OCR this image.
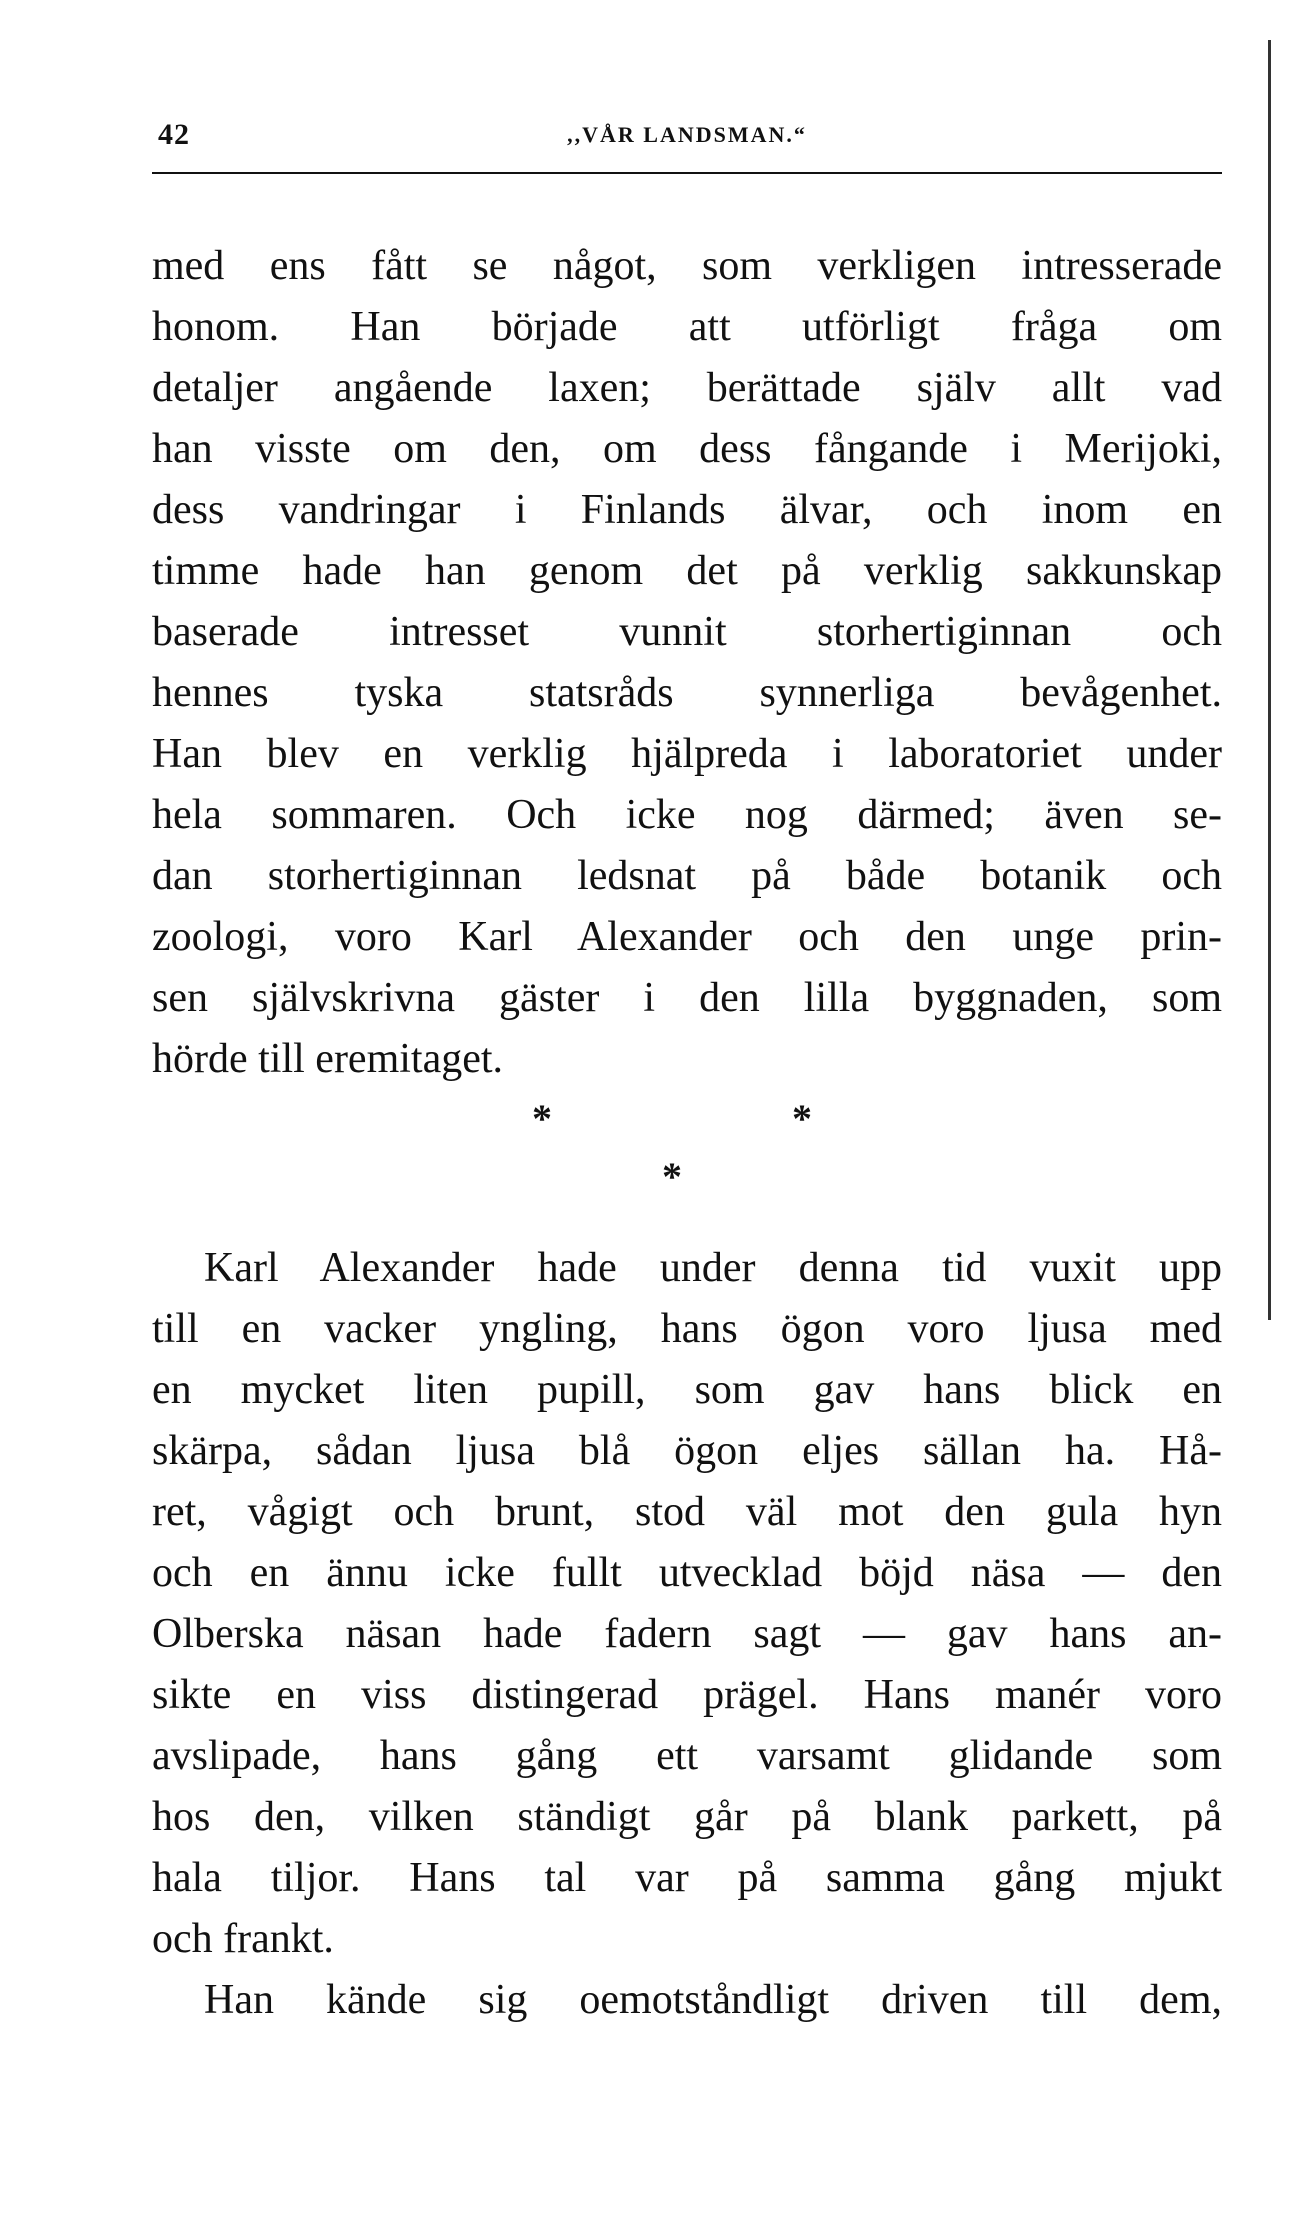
42	,,VÅR LANDSMAN.“
med ens fått se något, som verkligen intresserade
honom. Han började att utförligt fråga om
detaljer angående laxen; berättade själv allt vad
han visste om den, om dess fångande i Merijoki,
dess vandringar i Finlands älvar, och inom en
timme hade han genom det på verklig sakkunskap
baserade intresset vunnit storhertiginnan och
hennes tyska statsråds synnerliga bevågenhet.
Han blev en verklig hjälpreda i laboratoriet under
hela sommaren. Och icke nog därmed; även se-
dan storhertiginnan ledsnat på både botanik och
zoologi, voro Karl Alexander och den unge prin-
sen självskrivna gäster i den lilla byggnaden, som
hörde till eremitaget.
*	*
*
Karl Alexander hade under denna tid vuxit upp
till en vacker yngling, hans ögon voro ljusa med
en mycket liten pupill, som gav hans blick en
skärpa, sådan ljusa blå ögon eljes sällan ha. Hå-
ret, vågigt och brunt, stod väl mot den gula hyn
och en ännu icke fullt utvecklad böjd näsa — den
Olberska näsan hade fadern sagt — gav hans an-
sikte en viss distingerad prägel. Hans manér voro
avslipade, hans gång ett varsamt glidande som
hos den, vilken ständigt går på blank parkett, på
hala tiljor. Hans tal var på samma gång mjukt
och frankt.
Han kände sig oemotståndligt driven till dem,
